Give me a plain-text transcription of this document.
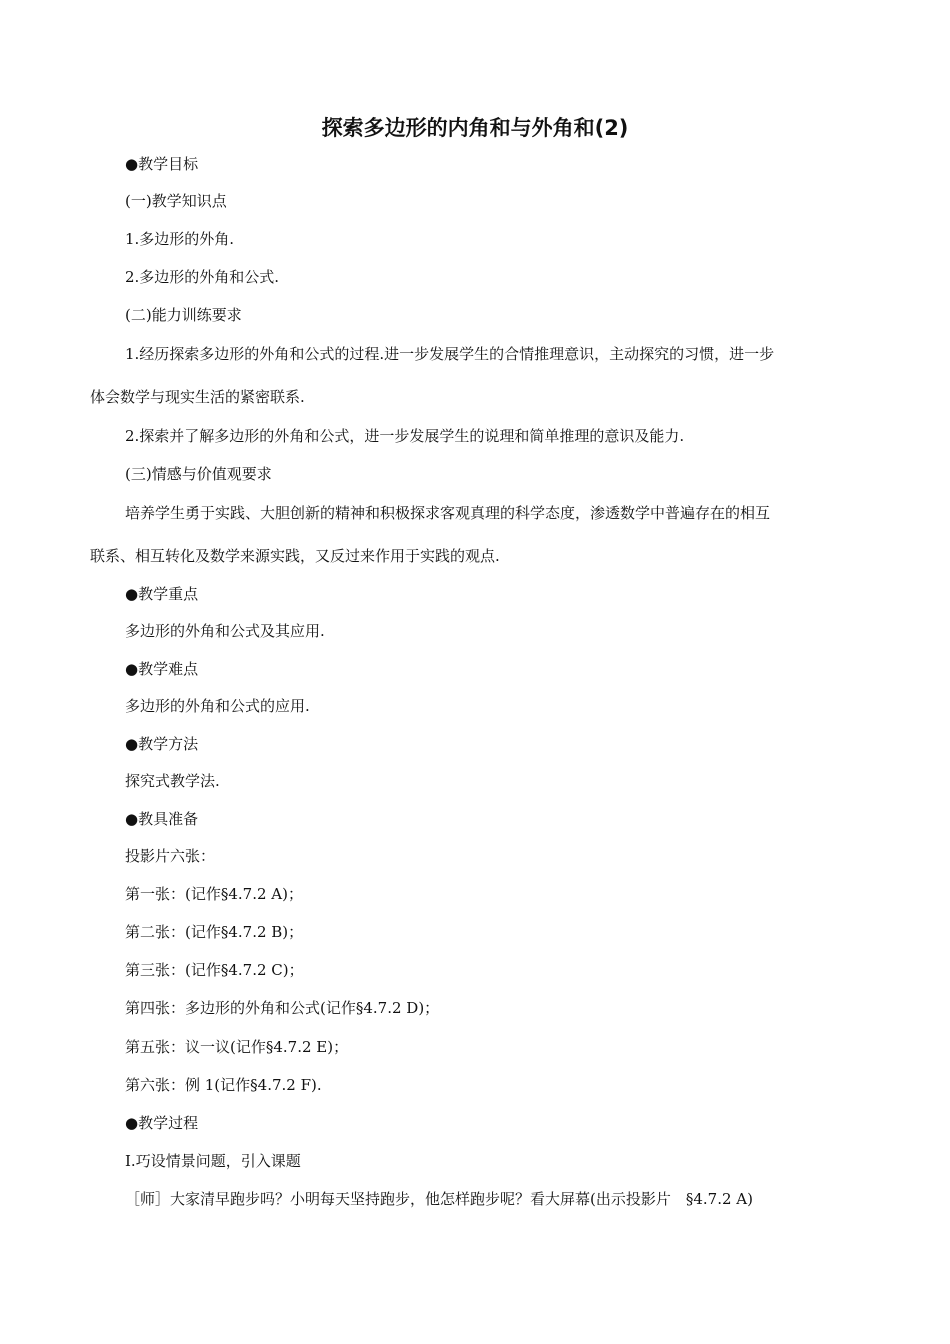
探索多边形的内角和与外角和(2)
●教学目标
(一)教学知识点
1.多边形的外角.
2.多边形的外角和公式.
(二)能力训练要求
1.经历探索多边形的外角和公式的过程.进一步发展学生的合情推理意识，主动探究的习惯，进一步
体会数学与现实生活的紧密联系.
2.探索并了解多边形的外角和公式，进一步发展学生的说理和简单推理的意识及能力.
(三)情感与价值观要求
培养学生勇于实践、大胆创新的精神和积极探求客观真理的科学态度，渗透数学中普遍存在的相互
联系、相互转化及数学来源实践，又反过来作用于实践的观点.
●教学重点
多边形的外角和公式及其应用.
●教学难点
多边形的外角和公式的应用.
●教学方法
探究式教学法.
●教具准备
投影片六张：
第一张：(记作§4.7.2 A)；
第二张：(记作§4.7.2 B)；
第三张：(记作§4.7.2 C)；
第四张：多边形的外角和公式(记作§4.7.2 D)；
第五张：议一议(记作§4.7.2 E)；
第六张：例 1(记作§4.7.2 F).
●教学过程
Ⅰ.巧设情景问题，引入课题
［师］大家清早跑步吗？小明每天坚持跑步，他怎样跑步呢？看大屏幕(出示投影片　§4.7.2 A)
